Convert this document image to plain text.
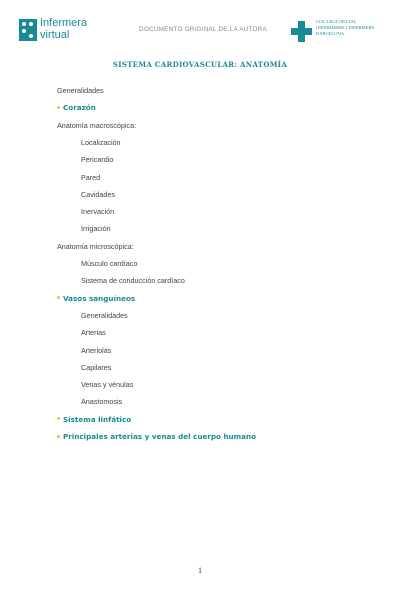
Infermera
virtual	DOCUMENTO ORIGINAL DE LA AUTORA
COL·LEGI OFICIAL
INFERMERES I INFERMERS
BARCELONA
SISTEMA CARDIOVASCULAR: ANATOMÍA
Generalidades
Corazón
Anatomía macroscópica:
Localización
Pericardio
Pared
Cavidades
Inervación
Irrigación
Anatomía microscópica:
Músculo cardíaco
Sistema de conducción cardíaco
Vasos sanguíneos
Generalidades
Arterias
Arteriolas
Capilares
Venas y vénulas
Anastomosis
Sistema linfático
Principales arterias y venas del cuerpo humano
1
